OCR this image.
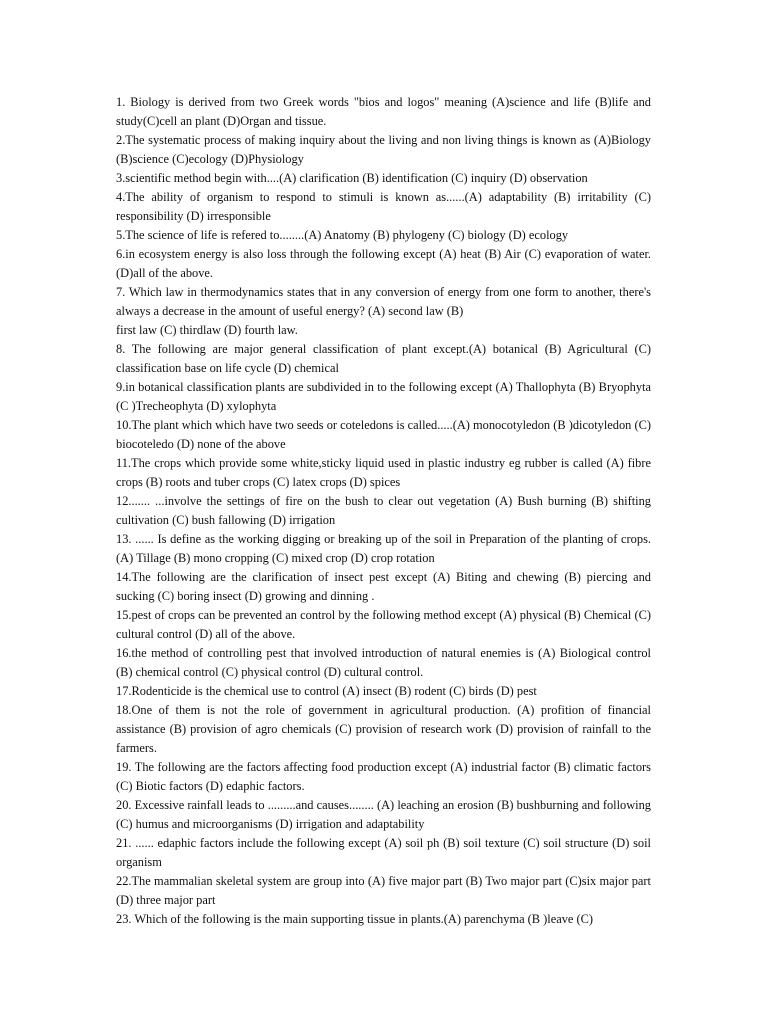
1. Biology is derived from two Greek words "bios and logos" meaning (A)science and life (B)life and study(C)cell an plant (D)Organ and tissue.

2.The systematic process of making inquiry about the living and non living things is known as (A)Biology (B)science (C)ecology (D)Physiology

3.scientific method begin with....(A) clarification (B) identification (C) inquiry (D) observation

4.The ability of organism to respond to stimuli is known as......(A) adaptability (B) irritability (C) responsibility (D) irresponsible

5.The science of life is refered to........(A) Anatomy (B) phylogeny (C) biology (D) ecology

6.in ecosystem energy is also loss through the following except (A) heat (B) Air (C) evaporation of water.(D)all of the above.

7. Which law in thermodynamics states that in any conversion of energy from one form to another, there's always a decrease in the amount of useful energy? (A) second law (B)
first law (C) thirdlaw (D) fourth law.

8. The following are major general classification of plant except.(A) botanical (B) Agricultural (C) classification base on life cycle (D) chemical

9.in botanical classification plants are subdivided in to the following except (A) Thallophyta (B) Bryophyta (C )Trecheophyta (D) xylophyta

10.The plant which which have two seeds or coteledons is called.....(A) monocotyledon (B )dicotyledon (C) biocoteledo (D) none of the above

11.The crops which provide some white,sticky liquid used in plastic industry eg rubber is called (A) fibre crops (B) roots and tuber crops (C) latex crops (D) spices

12....... ...involve the settings of fire on the bush to clear out vegetation (A) Bush burning (B) shifting cultivation (C) bush fallowing (D) irrigation

13. ...... Is define as the working digging or breaking up of the soil in Preparation of the planting of crops. (A) Tillage (B) mono cropping (C) mixed crop (D) crop rotation

14.The following are the clarification of insect pest except (A) Biting and chewing (B) piercing and sucking (C) boring insect (D) growing and dinning .

15.pest of crops can be prevented an control by the following method except (A) physical (B) Chemical (C) cultural control (D) all of the above.

16.the method of controlling pest that involved introduction of natural enemies is (A) Biological control (B) chemical control (C) physical control (D) cultural control.

17.Rodenticide is the chemical use to control (A) insect (B) rodent (C) birds (D) pest

18.One of them is not the role of government in agricultural production. (A) profition of financial assistance (B) provision of agro chemicals (C) provision of research work (D) provision of rainfall to the farmers.

19. The following are the factors affecting food production except (A) industrial factor (B) climatic factors (C) Biotic factors (D) edaphic factors.

20. Excessive rainfall leads to .........and causes........ (A) leaching an erosion (B) bushburning and following (C) humus and microorganisms (D) irrigation and adaptability

21. ...... edaphic factors include the following except (A) soil ph (B) soil texture (C) soil structure (D) soil organism

22.The mammalian skeletal system are group into (A) five major part (B) Two major part (C)six major part (D) three major part

23. Which of the following is the main supporting tissue in plants.(A) parenchyma (B )leave (C)
